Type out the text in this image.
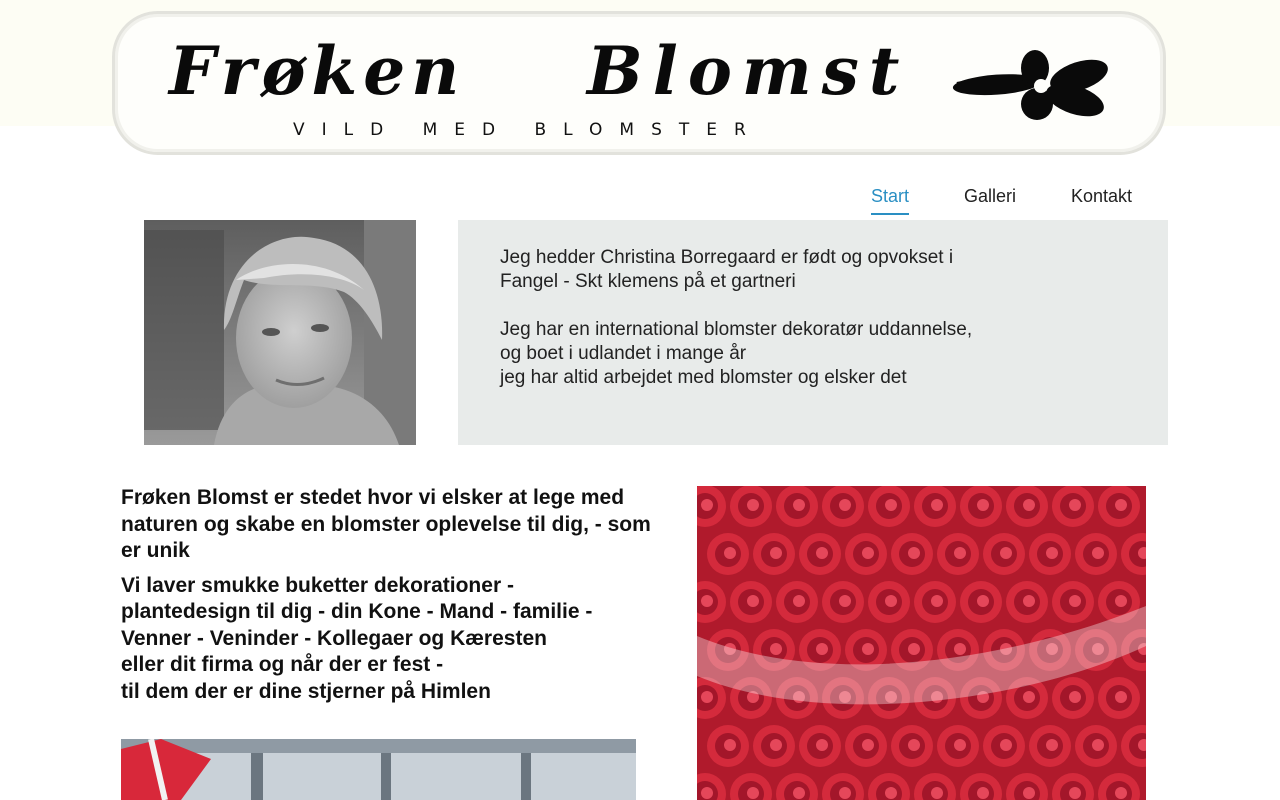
Frøken Blomst
VILD MED BLOMSTER
Start	Galleri	Kontakt

Jeg hedder Christina Borregaard er født og opvokset i

Fangel - Skt klemens på et gartneri

Jeg har en international blomster dekoratør uddannelse,

og boet i udlandet i mange år

jeg har altid arbejdet med blomster og elsker det

Frøken Blomst er stedet hvor vi elsker at lege med
naturen og skabe en blomster oplevelse til dig, - som
er unik

Vi laver smukke buketter dekorationer -
plantedesign til dig - din Kone - Mand - familie -
Venner - Veninder - Kollegaer og Kæresten
eller dit firma og når der er fest -
til dem der er dine stjerner på Himlen
